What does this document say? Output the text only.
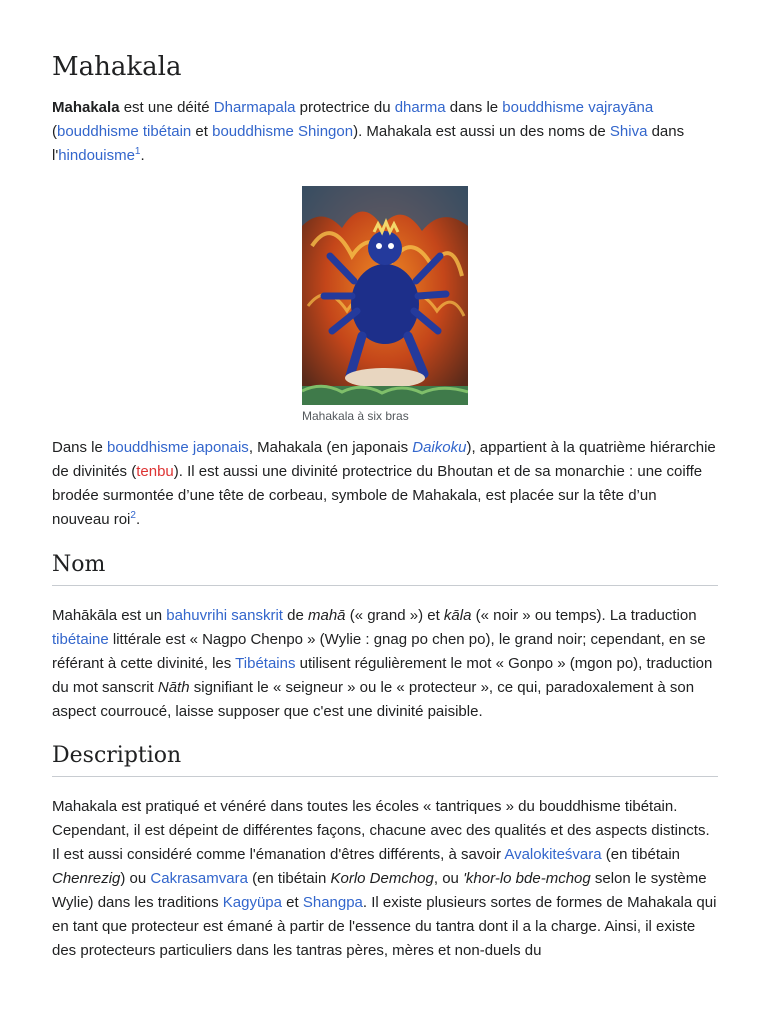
Mahakala

Mahakala est une déité Dharmapala protectrice du dharma dans le bouddhisme vajrayāna (bouddhisme tibétain et bouddhisme Shingon). Mahakala est aussi un des noms de Shiva dans l'hindouisme$^1$.

Mahakala à six bras

Dans le bouddhisme japonais, Mahakala (en japonais Daikoku), appartient à la quatrième hiérarchie de divinités (tenbu). Il est aussi une divinité protectrice du Bhoutan et de sa monarchie : une coiffe brodée surmontée d’une tête de corbeau, symbole de Mahakala, est placée sur la tête d’un nouveau roi$^2$.

Nom

Mahākāla est un bahuvrihi sanskrit de mahā (« grand ») et kāla (« noir » ou temps). La traduction tibétaine littérale est « Nagpo Chenpo » (Wylie : gnag po chen po), le grand noir; cependant, en se référant à cette divinité, les Tibétains utilisent régulièrement le mot « Gonpo » (mgon po), traduction du mot sanscrit Nāth signifiant le « seigneur » ou le « protecteur », ce qui, paradoxalement à son aspect courroucé, laisse supposer que c'est une divinité paisible.

Description

Mahakala est pratiqué et vénéré dans toutes les écoles « tantriques » du bouddhisme tibétain. Cependant, il est dépeint de différentes façons, chacune avec des qualités et des aspects distincts. Il est aussi considéré comme l'émanation d'êtres différents, à savoir Avalokiteśvara (en tibétain Chenrezig) ou Cakrasamvara (en tibétain Korlo Demchog, ou 'khor-lo bde-mchog selon le système Wylie) dans les traditions Kagyüpa et Shangpa. Il existe plusieurs sortes de formes de Mahakala qui en tant que protecteur est émané à partir de l'essence du tantra dont il a la charge. Ainsi, il existe des protecteurs particuliers dans les tantras pères, mères et non-duels du
